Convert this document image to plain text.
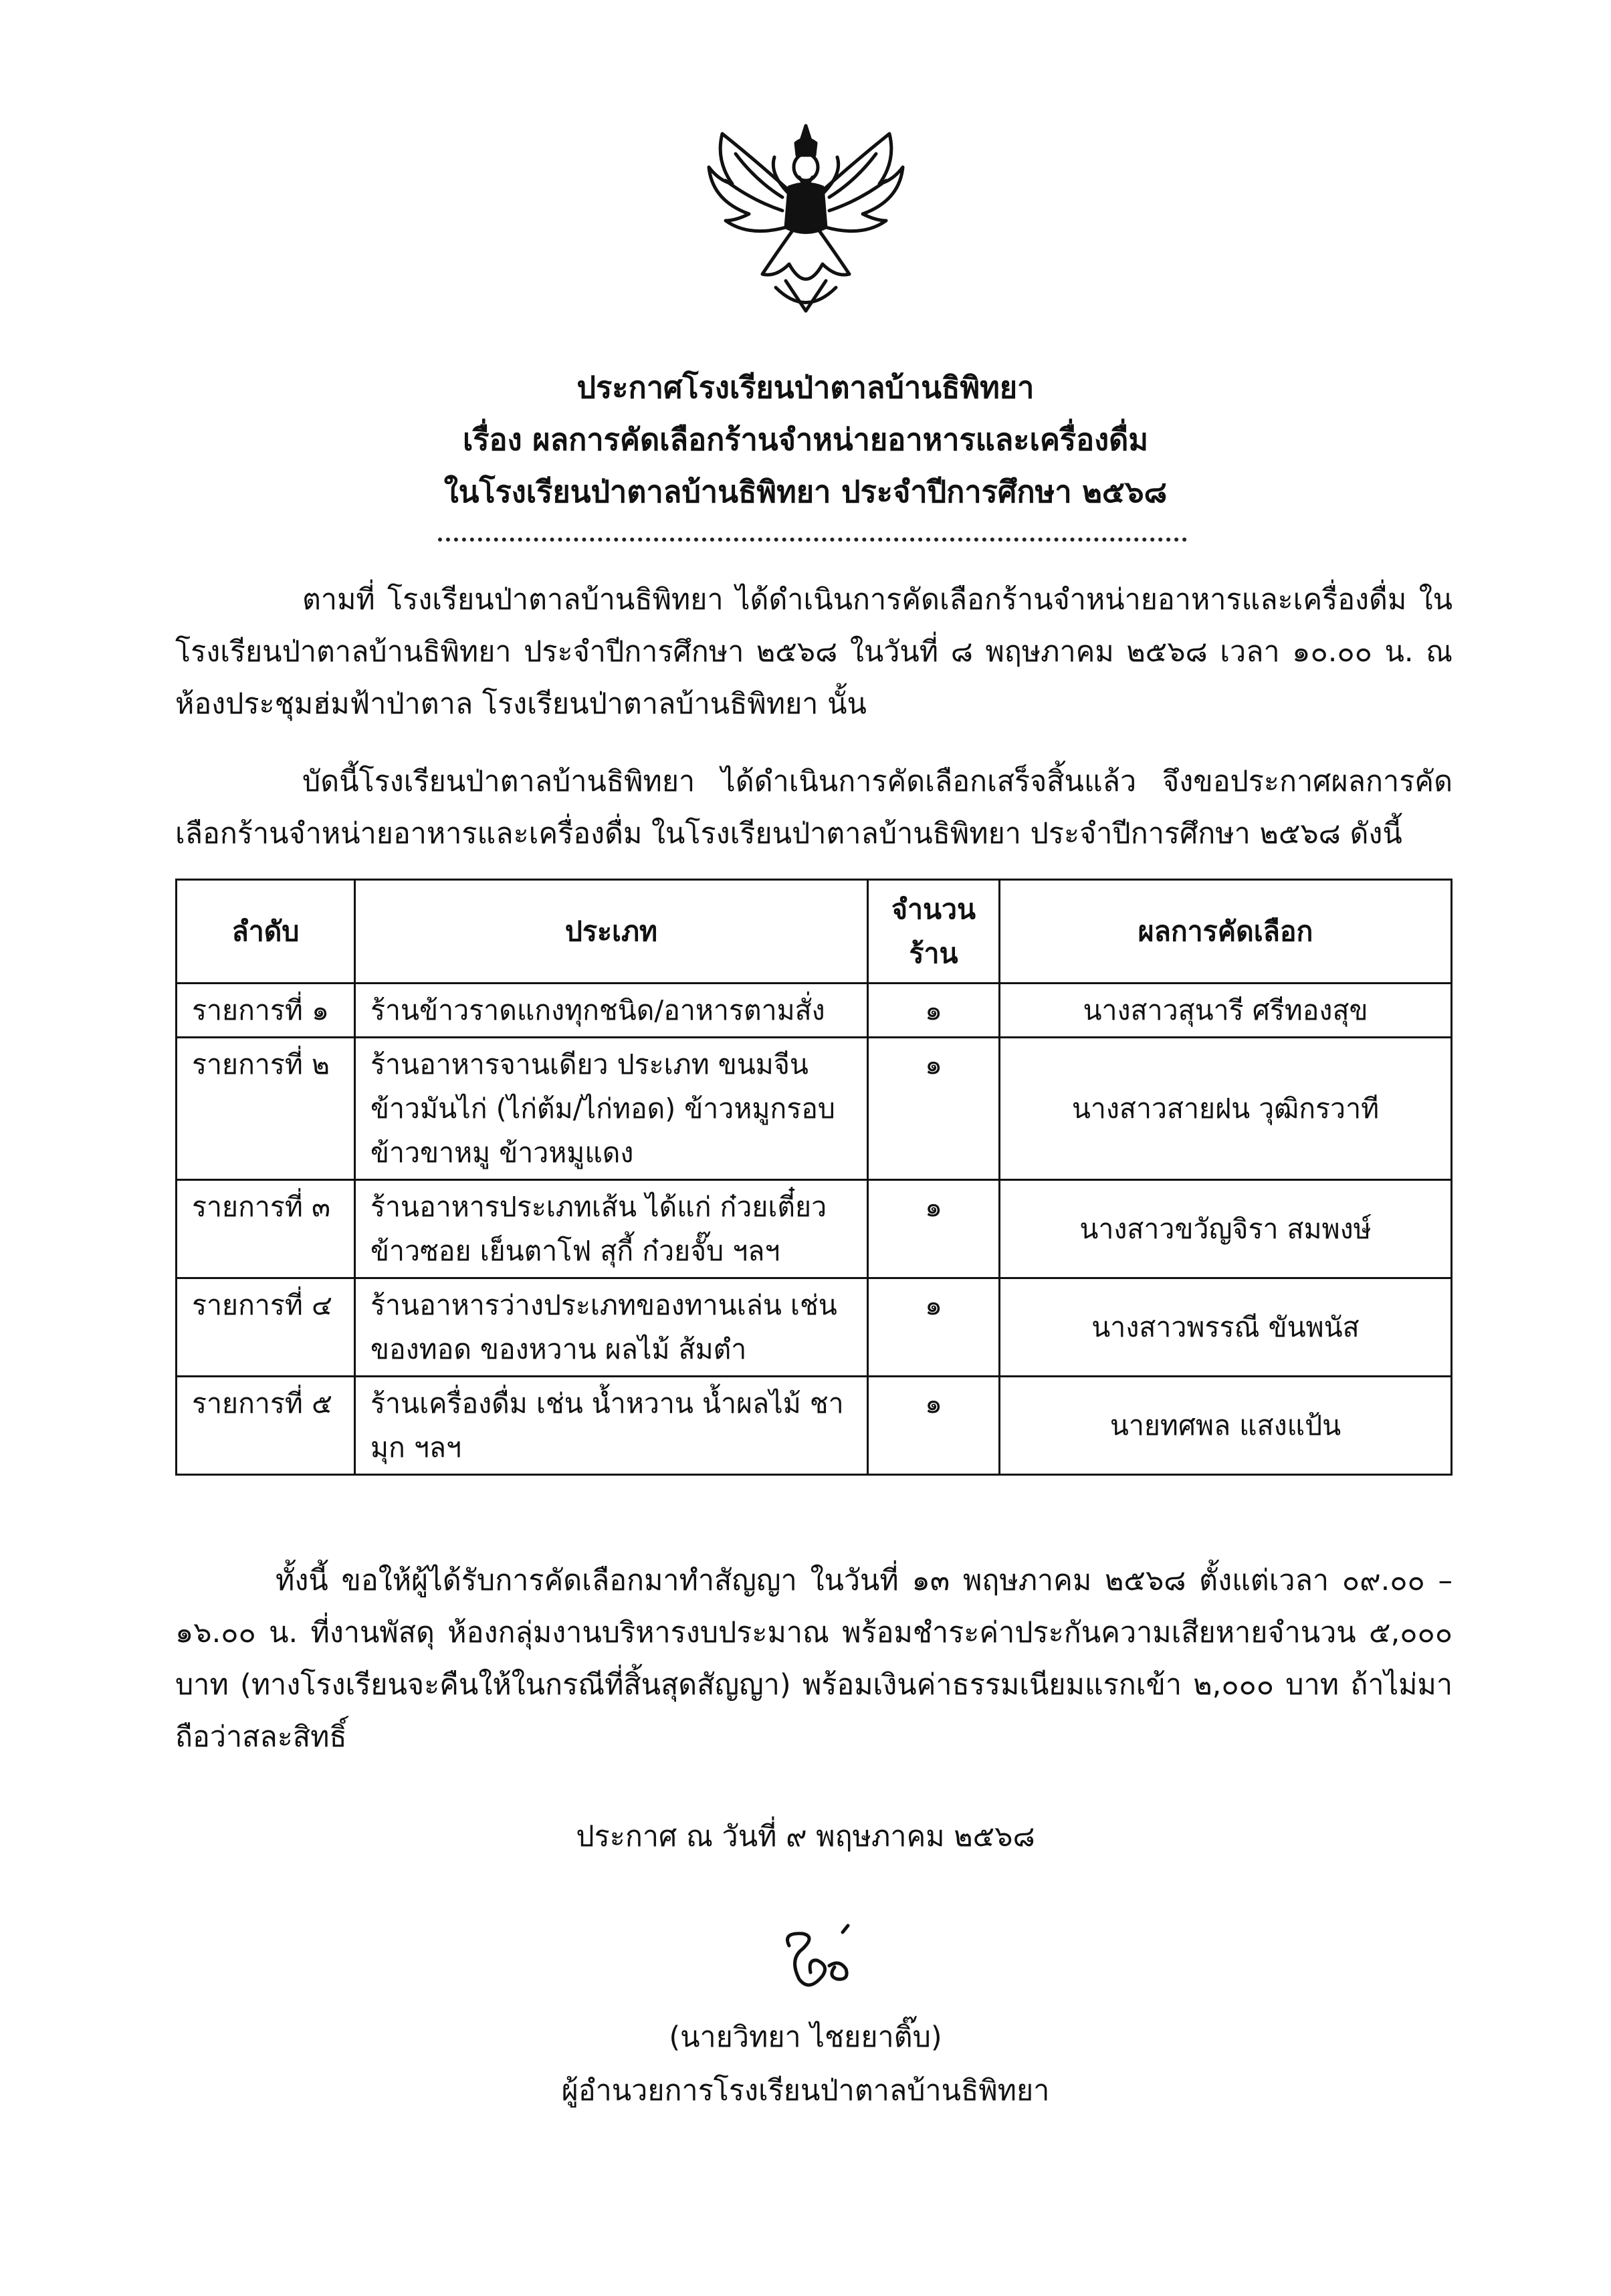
ประกาศโรงเรียนป่าตาลบ้านธิพิทยา
เรื่อง ผลการคัดเลือกร้านจำหน่ายอาหารและเครื่องดื่ม
ในโรงเรียนป่าตาลบ้านธิพิทยา ประจำปีการศึกษา ๒๕๖๘

ตามที่ โรงเรียนป่าตาลบ้านธิพิทยา ได้ดำเนินการคัดเลือกร้านจำหน่ายอาหารและเครื่องดื่ม ในโรงเรียนป่าตาลบ้านธิพิทยา ประจำปีการศึกษา ๒๕๖๘ ในวันที่ ๘ พฤษภาคม ๒๕๖๘ เวลา ๑๐.๐๐ น. ณ ห้องประชุมฮ่มฟ้าป่าตาล โรงเรียนป่าตาลบ้านธิพิทยา นั้น

บัดนี้โรงเรียนป่าตาลบ้านธิพิทยา ได้ดำเนินการคัดเลือกเสร็จสิ้นแล้ว จึงขอประกาศผลการคัดเลือกร้านจำหน่ายอาหารและเครื่องดื่ม ในโรงเรียนป่าตาลบ้านธิพิทยา ประจำปีการศึกษา ๒๕๖๘ ดังนี้

ลำดับ	ประเภท	จำนวนร้าน	ผลการคัดเลือก
รายการที่ ๑	ร้านข้าวราดแกงทุกชนิด/อาหารตามสั่ง	๑	นางสาวสุนารี ศรีทองสุข
รายการที่ ๒	ร้านอาหารจานเดียว ประเภท ขนมจีน ข้าวมันไก่ (ไก่ต้ม/ไก่ทอด) ข้าวหมูกรอบ ข้าวขาหมู ข้าวหมูแดง	๑	นางสาวสายฝน วุฒิกรวาที
รายการที่ ๓	ร้านอาหารประเภทเส้น ได้แก่ ก๋วยเตี๋ยว ข้าวซอย เย็นตาโฟ สุกี้ ก๋วยจั๊บ ฯลฯ	๑	นางสาวขวัญจิรา สมพงษ์
รายการที่ ๔	ร้านอาหารว่างประเภทของทานเล่น เช่น ของทอด ของหวาน ผลไม้ ส้มตำ	๑	นางสาวพรรณี ขันพนัส
รายการที่ ๕	ร้านเครื่องดื่ม เช่น น้ำหวาน น้ำผลไม้ ชามุก ฯลฯ	๑	นายทศพล แสงแป้น

ทั้งนี้ ขอให้ผู้ได้รับการคัดเลือกมาทำสัญญา ในวันที่ ๑๓ พฤษภาคม ๒๕๖๘ ตั้งแต่เวลา ๐๙.๐๐ – ๑๖.๐๐ น. ที่งานพัสดุ ห้องกลุ่มงานบริหารงบประมาณ พร้อมชำระค่าประกันความเสียหายจำนวน ๕,๐๐๐ บาท (ทางโรงเรียนจะคืนให้ในกรณีที่สิ้นสุดสัญญา) พร้อมเงินค่าธรรมเนียมแรกเข้า ๒,๐๐๐ บาท ถ้าไม่มาถือว่าสละสิทธิ์

ประกาศ ณ วันที่ ๙ พฤษภาคม ๒๕๖๘
(นายวิทยา ไชยยาติ๊บ)
ผู้อำนวยการโรงเรียนป่าตาลบ้านธิพิทยา
